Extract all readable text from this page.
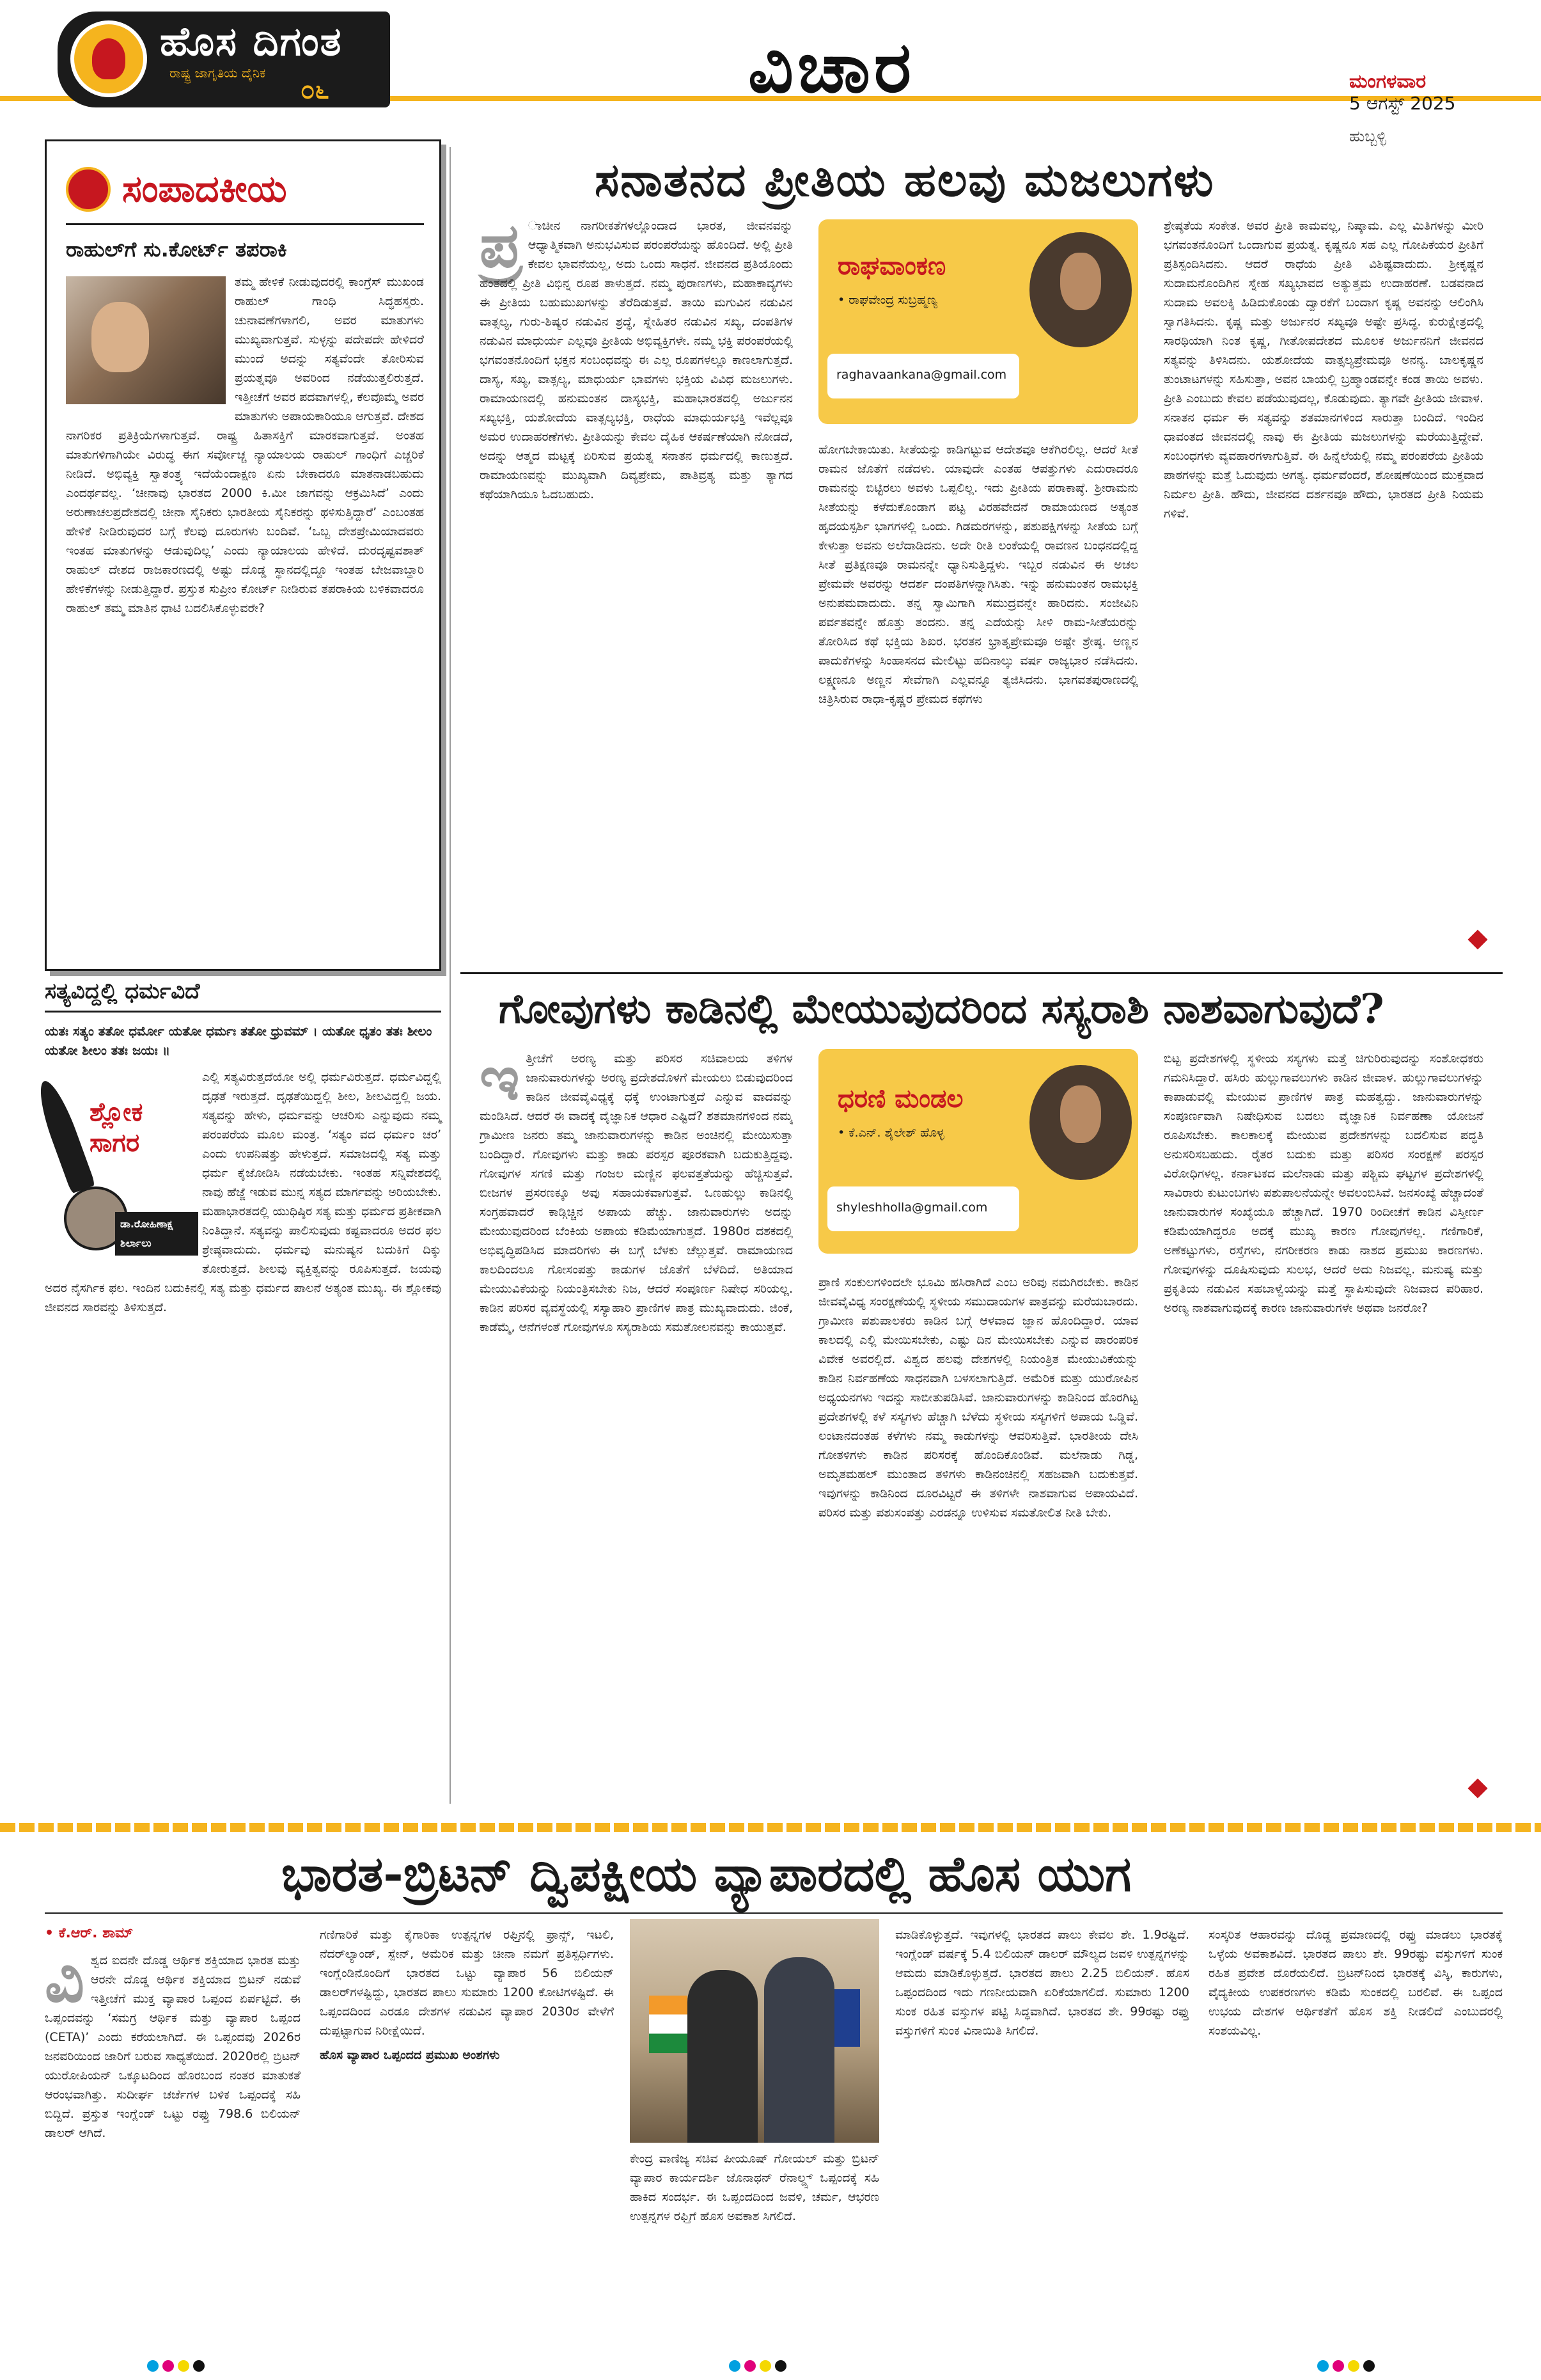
ಹೊಸ ದಿಗಂತ
ರಾಷ್ಟ್ರ ಜಾಗೃತಿಯ ದೈನಿಕ
೦೬	ವಿಚಾರ	ಮಂಗಳವಾರ
5 ಆಗಸ್ಟ್ 2025
ಹುಬ್ಬಳ್ಳಿ
ಸಂಪಾದಕೀಯ
ರಾಹುಲ್‌ಗೆ ಸು.ಕೋರ್ಟ್ ತಪರಾಕಿ
ತಮ್ಮ ಹೇಳಿಕೆ ನೀಡುವುದರಲ್ಲಿ ಕಾಂಗ್ರೆಸ್ ಮುಖಂಡ ರಾಹುಲ್ ಗಾಂಧಿ ಸಿದ್ಧಹಸ್ತರು. ಚುನಾವಣೆಗಳಾಗಲಿ, ಅವರ ಮಾತುಗಳು ಮುಖ್ಯವಾಗುತ್ತವೆ. ಸುಳ್ಳನ್ನು ಪದೇಪದೇ ಹೇಳಿದರೆ ಮುಂದೆ ಅದನ್ನು ಸತ್ಯವೆಂದೇ ತೋರಿಸುವ ಪ್ರಯತ್ನವೂ ಅವರಿಂದ ನಡೆಯುತ್ತಲಿರುತ್ತದೆ. ಇತ್ತೀಚೆಗೆ ಅವರ ಪದವಾಗಳಲ್ಲಿ, ಕೆಲವೊಮ್ಮೆ ಅವರ ಮಾತುಗಳು ಅಪಾಯಕಾರಿಯೂ ಆಗುತ್ತವೆ. ದೇಶದ ನಾಗರಿಕರ ಪ್ರತಿಕ್ರಿಯೆಗಳಾಗುತ್ತವೆ. ರಾಷ್ಟ್ರ ಹಿತಾಸಕ್ತಿಗೆ ಮಾರಕವಾಗುತ್ತವೆ. ಅಂತಹ ಮಾತುಗಳಿಗಾಗಿಯೇ ವಿರುದ್ಧ ಈಗ ಸರ್ವೋಚ್ಚ ನ್ಯಾಯಾಲಯ ರಾಹುಲ್ ಗಾಂಧಿಗೆ ಎಚ್ಚರಿಕೆ ನೀಡಿದೆ. ಅಭಿವ್ಯಕ್ತಿ ಸ್ವಾತಂತ್ರ್ಯ ಇದೆಯೆಂದಾಕ್ಷಣ ಏನು ಬೇಕಾದರೂ ಮಾತನಾಡಬಹುದು ಎಂದರ್ಥವಲ್ಲ. ‘ಚೀನಾವು ಭಾರತದ 2000 ಕಿ.ಮೀ ಜಾಗವನ್ನು ಆಕ್ರಮಿಸಿದೆ’ ಎಂದು ಅರುಣಾಚಲಪ್ರದೇಶದಲ್ಲಿ ಚೀನಾ ಸೈನಿಕರು ಭಾರತೀಯ ಸೈನಿಕರನ್ನು ಥಳಿಸುತ್ತಿದ್ದಾರೆ’ ಎಂಬಂತಹ ಹೇಳಿಕೆ ನೀಡಿರುವುದರ ಬಗ್ಗೆ ಕೆಲವು ದೂರುಗಳು ಬಂದಿವೆ. ‘ಒಬ್ಬ ದೇಶಪ್ರೇಮಿಯಾದವರು ಇಂತಹ ಮಾತುಗಳನ್ನು ಆಡುವುದಿಲ್ಲ’ ಎಂದು ನ್ಯಾಯಾಲಯ ಹೇಳಿದೆ. ದುರದೃಷ್ಟವಶಾತ್ ರಾಹುಲ್ ದೇಶದ ರಾಜಕಾರಣದಲ್ಲಿ ಅಷ್ಟು ದೊಡ್ಡ ಸ್ಥಾನದಲ್ಲಿದ್ದೂ ಇಂತಹ ಬೇಜವಾಬ್ದಾರಿ ಹೇಳಿಕೆಗಳನ್ನು ನೀಡುತ್ತಿದ್ದಾರೆ. ಪ್ರಸ್ತುತ ಸುಪ್ರೀಂ ಕೋರ್ಟ್ ನೀಡಿರುವ ತಪರಾಕಿಯ ಬಳಿಕವಾದರೂ ರಾಹುಲ್ ತಮ್ಮ ಮಾತಿನ ಧಾಟಿ ಬದಲಿಸಿಕೊಳ್ಳುವರೇ?
ಸತ್ಯವಿದ್ದಲ್ಲಿ ಧರ್ಮವಿದೆ
ಯತಃ ಸತ್ಯಂ ತತೋ ಧರ್ಮೋ ಯತೋ ಧರ್ಮಃ ತತೋ ಧ್ರುವಮ್ । ಯತೋ ಧೃತಂ ತತಃ ಶೀಲಂ ಯತೋ ಶೀಲಂ ತತಃ ಜಯಃ ॥
ಶ್ಲೋಕ ಸಾಗರ
ಡಾ.ರೋಹಿಣಾಕ್ಷ ಶಿರ್ಲಾಲು
ಎಲ್ಲಿ ಸತ್ಯವಿರುತ್ತದೆಯೋ ಅಲ್ಲಿ ಧರ್ಮವಿರುತ್ತದೆ. ಧರ್ಮವಿದ್ದಲ್ಲಿ ದೃಢತೆ ಇರುತ್ತದೆ. ದೃಢತೆಯಿದ್ದಲ್ಲಿ ಶೀಲ, ಶೀಲವಿದ್ದಲ್ಲಿ ಜಯ. ಸತ್ಯವನ್ನು ಹೇಳು, ಧರ್ಮವನ್ನು ಆಚರಿಸು ಎನ್ನುವುದು ನಮ್ಮ ಪರಂಪರೆಯ ಮೂಲ ಮಂತ್ರ. ‘ಸತ್ಯಂ ವದ ಧರ್ಮಂ ಚರ’ ಎಂದು ಉಪನಿಷತ್ತು ಹೇಳುತ್ತದೆ. ಸಮಾಜದಲ್ಲಿ ಸತ್ಯ ಮತ್ತು ಧರ್ಮ ಕೈಜೋಡಿಸಿ ನಡೆಯಬೇಕು. ಇಂತಹ ಸನ್ನಿವೇಶದಲ್ಲಿ ನಾವು ಹೆಜ್ಜೆ ಇಡುವ ಮುನ್ನ ಸತ್ಯದ ಮಾರ್ಗವನ್ನು ಅರಿಯಬೇಕು. ಮಹಾಭಾರತದಲ್ಲಿ ಯುಧಿಷ್ಠಿರ ಸತ್ಯ ಮತ್ತು ಧರ್ಮದ ಪ್ರತೀಕವಾಗಿ ನಿಂತಿದ್ದಾನೆ. ಸತ್ಯವನ್ನು ಪಾಲಿಸುವುದು ಕಷ್ಟವಾದರೂ ಅದರ ಫಲ ಶ್ರೇಷ್ಠವಾದುದು. ಧರ್ಮವು ಮನುಷ್ಯನ ಬದುಕಿಗೆ ದಿಕ್ಕು ತೋರುತ್ತದೆ. ಶೀಲವು ವ್ಯಕ್ತಿತ್ವವನ್ನು ರೂಪಿಸುತ್ತದೆ. ಜಯವು ಅದರ ನೈಸರ್ಗಿಕ ಫಲ. ಇಂದಿನ ಬದುಕಿನಲ್ಲಿ ಸತ್ಯ ಮತ್ತು ಧರ್ಮದ ಪಾಲನೆ ಅತ್ಯಂತ ಮುಖ್ಯ. ಈ ಶ್ಲೋಕವು ಜೀವನದ ಸಾರವನ್ನು ತಿಳಿಸುತ್ತದೆ.
ಸನಾತನದ ಪ್ರೀತಿಯ ಹಲವು ಮಜಲುಗಳು
ಪ್ರ ಾಚೀನ ನಾಗರೀಕತೆಗಳಲ್ಲೊಂದಾದ ಭಾರತ, ಜೀವನವನ್ನು ಆಧ್ಯಾತ್ಮಿಕವಾಗಿ ಅನುಭವಿಸುವ ಪರಂಪರೆಯನ್ನು ಹೊಂದಿದೆ. ಅಲ್ಲಿ ಪ್ರೀತಿ ಕೇವಲ ಭಾವನೆಯಲ್ಲ, ಅದು ಒಂದು ಸಾಧನೆ. ಜೀವನದ ಪ್ರತಿಯೊಂದು ಹಂತದಲ್ಲಿ ಪ್ರೀತಿ ವಿಭಿನ್ನ ರೂಪ ತಾಳುತ್ತದೆ. ನಮ್ಮ ಪುರಾಣಗಳು, ಮಹಾಕಾವ್ಯಗಳು ಈ ಪ್ರೀತಿಯ ಬಹುಮುಖಗಳನ್ನು ತೆರೆದಿಡುತ್ತವೆ. ತಾಯಿ ಮಗುವಿನ ನಡುವಿನ ವಾತ್ಸಲ್ಯ, ಗುರು-ಶಿಷ್ಯರ ನಡುವಿನ ಶ್ರದ್ಧೆ, ಸ್ನೇಹಿತರ ನಡುವಿನ ಸಖ್ಯ, ದಂಪತಿಗಳ ನಡುವಿನ ಮಾಧುರ್ಯ ಎಲ್ಲವೂ ಪ್ರೀತಿಯ ಅಭಿವ್ಯಕ್ತಿಗಳೇ. ನಮ್ಮ ಭಕ್ತಿ ಪರಂಪರೆಯಲ್ಲಿ ಭಗವಂತನೊಂದಿಗೆ ಭಕ್ತನ ಸಂಬಂಧವನ್ನು ಈ ಎಲ್ಲ ರೂಪಗಳಲ್ಲೂ ಕಾಣಲಾಗುತ್ತದೆ. ದಾಸ್ಯ, ಸಖ್ಯ, ವಾತ್ಸಲ್ಯ, ಮಾಧುರ್ಯ ಭಾವಗಳು ಭಕ್ತಿಯ ವಿವಿಧ ಮಜಲುಗಳು. ರಾಮಾಯಣದಲ್ಲಿ ಹನುಮಂತನ ದಾಸ್ಯಭಕ್ತಿ, ಮಹಾಭಾರತದಲ್ಲಿ ಅರ್ಜುನನ ಸಖ್ಯಭಕ್ತಿ, ಯಶೋದೆಯ ವಾತ್ಸಲ್ಯಭಕ್ತಿ, ರಾಧೆಯ ಮಾಧುರ್ಯಭಕ್ತಿ ಇವೆಲ್ಲವೂ ಅಮರ ಉದಾಹರಣೆಗಳು. ಪ್ರೀತಿಯನ್ನು ಕೇವಲ ದೈಹಿಕ ಆಕರ್ಷಣೆಯಾಗಿ ನೋಡದೆ, ಅದನ್ನು ಆತ್ಮದ ಮಟ್ಟಕ್ಕೆ ಏರಿಸುವ ಪ್ರಯತ್ನ ಸನಾತನ ಧರ್ಮದಲ್ಲಿ ಕಾಣುತ್ತದೆ. ರಾಮಾಯಣವನ್ನು ಮುಖ್ಯವಾಗಿ ದಿವ್ಯಪ್ರೇಮ, ಪಾತಿವ್ರತ್ಯ ಮತ್ತು ತ್ಯಾಗದ ಕಥೆಯಾಗಿಯೂ ಓದಬಹುದು.
ರಾಘವಾಂಕಣ
• ರಾಘವೇಂದ್ರ ಸುಬ್ರಹ್ಮಣ್ಯ
raghavaankana@gmail.com
ಶ್ರೇಷ್ಠತೆಯ ಸಂಕೇತ. ಅವರ ಪ್ರೀತಿ ಕಾಮವಲ್ಲ, ನಿಷ್ಕಾಮ. ಎಲ್ಲ ಮಿತಿಗಳನ್ನು ಮೀರಿ ಭಗವಂತನೊಂದಿಗೆ ಒಂದಾಗುವ ಪ್ರಯತ್ನ. ಕೃಷ್ಣನೂ ಸಹ ಎಲ್ಲ ಗೋಪಿಕೆಯರ ಪ್ರೀತಿಗೆ ಪ್ರತಿಸ್ಪಂದಿಸಿದನು. ಆದರೆ ರಾಧೆಯ ಪ್ರೀತಿ ವಿಶಿಷ್ಟವಾದುದು. ಶ್ರೀಕೃಷ್ಣನ ಸುದಾಮನೊಂದಿಗಿನ ಸ್ನೇಹ ಸಖ್ಯಭಾವದ ಅತ್ಯುತ್ತಮ ಉದಾಹರಣೆ. ಬಡವನಾದ ಸುದಾಮ ಅವಲಕ್ಕಿ ಹಿಡಿದುಕೊಂಡು ದ್ವಾರಕೆಗೆ ಬಂದಾಗ ಕೃಷ್ಣ ಅವನನ್ನು ಆಲಿಂಗಿಸಿ ಸ್ವಾಗತಿಸಿದನು. ಕೃಷ್ಣ ಮತ್ತು ಅರ್ಜುನರ ಸಖ್ಯವೂ ಅಷ್ಟೇ ಪ್ರಸಿದ್ಧ. ಕುರುಕ್ಷೇತ್ರದಲ್ಲಿ ಸಾರಥಿಯಾಗಿ ನಿಂತ ಕೃಷ್ಣ, ಗೀತೋಪದೇಶದ ಮೂಲಕ ಅರ್ಜುನನಿಗೆ ಜೀವನದ ಸತ್ಯವನ್ನು ತಿಳಿಸಿದನು. ಯಶೋದೆಯ ವಾತ್ಸಲ್ಯಪ್ರೇಮವೂ ಅನನ್ಯ. ಬಾಲಕೃಷ್ಣನ ತುಂಟಾಟಗಳನ್ನು ಸಹಿಸುತ್ತಾ, ಅವನ ಬಾಯಲ್ಲಿ ಬ್ರಹ್ಮಾಂಡವನ್ನೇ ಕಂಡ ತಾಯಿ ಅವಳು. ಪ್ರೀತಿ ಎಂಬುದು ಕೇವಲ ಪಡೆಯುವುದಲ್ಲ, ಕೊಡುವುದು. ತ್ಯಾಗವೇ ಪ್ರೀತಿಯ ಜೀವಾಳ. ಸನಾತನ ಧರ್ಮ ಈ ಸತ್ಯವನ್ನು ಶತಮಾನಗಳಿಂದ ಸಾರುತ್ತಾ ಬಂದಿದೆ. ಇಂದಿನ ಧಾವಂತದ ಜೀವನದಲ್ಲಿ ನಾವು ಈ ಪ್ರೀತಿಯ ಮಜಲುಗಳನ್ನು ಮರೆಯುತ್ತಿದ್ದೇವೆ. ಸಂಬಂಧಗಳು ವ್ಯವಹಾರಗಳಾಗುತ್ತಿವೆ. ಈ ಹಿನ್ನೆಲೆಯಲ್ಲಿ ನಮ್ಮ ಪರಂಪರೆಯ ಪ್ರೀತಿಯ ಪಾಠಗಳನ್ನು ಮತ್ತೆ ಓದುವುದು ಅಗತ್ಯ. ಧರ್ಮವೆಂದರೆ, ಶೋಷಣೆಯಿಂದ ಮುಕ್ತವಾದ ನಿರ್ಮಲ ಪ್ರೀತಿ. ಹೌದು, ಜೀವನದ ದರ್ಶನವೂ ಹೌದು, ಭಾರತದ ಪ್ರೀತಿ ನಿಯಮ ಗಳಿವೆ.
ಹೋಗಬೇಕಾಯಿತು. ಸೀತೆಯನ್ನು ಕಾಡಿಗಟ್ಟುವ ಆದೇಶವೂ ಆಕೆಗಿರಲಿಲ್ಲ. ಆದರೆ ಸೀತೆ ರಾಮನ ಜೊತೆಗೆ ನಡೆದಳು. ಯಾವುದೇ ಎಂತಹ ಆಪತ್ತುಗಳು ಎದುರಾದರೂ ರಾಮನನ್ನು ಬಿಟ್ಟಿರಲು ಅವಳು ಒಪ್ಪಲಿಲ್ಲ. ಇದು ಪ್ರೀತಿಯ ಪರಾಕಾಷ್ಠೆ. ಶ್ರೀರಾಮನು ಸೀತೆಯನ್ನು ಕಳೆದುಕೊಂಡಾಗ ಪಟ್ಟ ವಿರಹವೇದನೆ ರಾಮಾಯಣದ ಅತ್ಯಂತ ಹೃದಯಸ್ಪರ್ಶಿ ಭಾಗಗಳಲ್ಲಿ ಒಂದು. ಗಿಡಮರಗಳನ್ನು, ಪಶುಪಕ್ಷಿಗಳನ್ನು ಸೀತೆಯ ಬಗ್ಗೆ ಕೇಳುತ್ತಾ ಅವನು ಅಲೆದಾಡಿದನು. ಅದೇ ರೀತಿ ಲಂಕೆಯಲ್ಲಿ ರಾವಣನ ಬಂಧನದಲ್ಲಿದ್ದ ಸೀತೆ ಪ್ರತಿಕ್ಷಣವೂ ರಾಮನನ್ನೇ ಧ್ಯಾನಿಸುತ್ತಿದ್ದಳು. ಇಬ್ಬರ ನಡುವಿನ ಈ ಅಚಲ ಪ್ರೇಮವೇ ಅವರನ್ನು ಆದರ್ಶ ದಂಪತಿಗಳನ್ನಾಗಿಸಿತು. ಇನ್ನು ಹನುಮಂತನ ರಾಮಭಕ್ತಿ ಅನುಪಮವಾದುದು. ತನ್ನ ಸ್ವಾಮಿಗಾಗಿ ಸಮುದ್ರವನ್ನೇ ಹಾರಿದನು. ಸಂಜೀವಿನಿ ಪರ್ವತವನ್ನೇ ಹೊತ್ತು ತಂದನು. ತನ್ನ ಎದೆಯನ್ನು ಸೀಳಿ ರಾಮ-ಸೀತೆಯರನ್ನು ತೋರಿಸಿದ ಕಥೆ ಭಕ್ತಿಯ ಶಿಖರ. ಭರತನ ಭ್ರಾತೃಪ್ರೇಮವೂ ಅಷ್ಟೇ ಶ್ರೇಷ್ಠ. ಅಣ್ಣನ ಪಾದುಕೆಗಳನ್ನು ಸಿಂಹಾಸನದ ಮೇಲಿಟ್ಟು ಹದಿನಾಲ್ಕು ವರ್ಷ ರಾಜ್ಯಭಾರ ನಡೆಸಿದನು. ಲಕ್ಷ್ಮಣನೂ ಅಣ್ಣನ ಸೇವೆಗಾಗಿ ಎಲ್ಲವನ್ನೂ ತ್ಯಜಿಸಿದನು. ಭಾಗವತಪುರಾಣದಲ್ಲಿ ಚಿತ್ರಿಸಿರುವ ರಾಧಾ-ಕೃಷ್ಣರ ಪ್ರೇಮದ ಕಥೆಗಳು
ಗೋವುಗಳು ಕಾಡಿನಲ್ಲಿ ಮೇಯುವುದರಿಂದ ಸಸ್ಯರಾಶಿ ನಾಶವಾಗುವುದೆ?
ಇ ತ್ತೀಚೆಗೆ ಅರಣ್ಯ ಮತ್ತು ಪರಿಸರ ಸಚಿವಾಲಯ ತಳಿಗಳ ಜಾನುವಾರುಗಳನ್ನು ಅರಣ್ಯ ಪ್ರದೇಶದೊಳಗೆ ಮೇಯಲು ಬಿಡುವುದರಿಂದ ಕಾಡಿನ ಜೀವವೈವಿಧ್ಯಕ್ಕೆ ಧಕ್ಕೆ ಉಂಟಾಗುತ್ತದೆ ಎನ್ನುವ ವಾದವನ್ನು ಮಂಡಿಸಿದೆ. ಆದರೆ ಈ ವಾದಕ್ಕೆ ವೈಜ್ಞಾನಿಕ ಆಧಾರ ಎಷ್ಟಿದೆ? ಶತಮಾನಗಳಿಂದ ನಮ್ಮ ಗ್ರಾಮೀಣ ಜನರು ತಮ್ಮ ಜಾನುವಾರುಗಳನ್ನು ಕಾಡಿನ ಅಂಚಿನಲ್ಲಿ ಮೇಯಿಸುತ್ತಾ ಬಂದಿದ್ದಾರೆ. ಗೋವುಗಳು ಮತ್ತು ಕಾಡು ಪರಸ್ಪರ ಪೂರಕವಾಗಿ ಬದುಕುತ್ತಿದ್ದವು. ಗೋವುಗಳ ಸಗಣಿ ಮತ್ತು ಗಂಜಲ ಮಣ್ಣಿನ ಫಲವತ್ತತೆಯನ್ನು ಹೆಚ್ಚಿಸುತ್ತವೆ. ಬೀಜಗಳ ಪ್ರಸರಣಕ್ಕೂ ಅವು ಸಹಾಯಕವಾಗುತ್ತವೆ. ಒಣಹುಲ್ಲು ಕಾಡಿನಲ್ಲಿ ಸಂಗ್ರಹವಾದರೆ ಕಾಡ್ಗಿಚ್ಚಿನ ಅಪಾಯ ಹೆಚ್ಚು. ಜಾನುವಾರುಗಳು ಅದನ್ನು ಮೇಯುವುದರಿಂದ ಬೆಂಕಿಯ ಅಪಾಯ ಕಡಿಮೆಯಾಗುತ್ತದೆ. 1980ರ ದಶಕದಲ್ಲಿ ಅಭಿವೃದ್ಧಿಪಡಿಸಿದ ಮಾದರಿಗಳು ಈ ಬಗ್ಗೆ ಬೆಳಕು ಚೆಲ್ಲುತ್ತವೆ. ರಾಮಾಯಣದ ಕಾಲದಿಂದಲೂ ಗೋಸಂಪತ್ತು ಕಾಡುಗಳ ಜೊತೆಗೆ ಬೆಳೆದಿದೆ. ಅತಿಯಾದ ಮೇಯುವಿಕೆಯನ್ನು ನಿಯಂತ್ರಿಸಬೇಕು ನಿಜ, ಆದರೆ ಸಂಪೂರ್ಣ ನಿಷೇಧ ಸರಿಯಲ್ಲ. ಕಾಡಿನ ಪರಿಸರ ವ್ಯವಸ್ಥೆಯಲ್ಲಿ ಸಸ್ಯಾಹಾರಿ ಪ್ರಾಣಿಗಳ ಪಾತ್ರ ಮುಖ್ಯವಾದುದು. ಜಿಂಕೆ, ಕಾಡೆಮ್ಮೆ, ಆನೆಗಳಂತೆ ಗೋವುಗಳೂ ಸಸ್ಯರಾಶಿಯ ಸಮತೋಲನವನ್ನು ಕಾಯುತ್ತವೆ.
ಧರಣಿ ಮಂಡಲ
• ಕೆ.ಎನ್. ಶೈಲೇಶ್ ಹೊಳ್ಳ
shyleshholla@gmail.com
ಪ್ರಾಣಿ ಸಂಕುಲಗಳಿಂದಲೇ ಭೂಮಿ ಹಸಿರಾಗಿದೆ ಎಂಬ ಅರಿವು ನಮಗಿರಬೇಕು. ಕಾಡಿನ ಜೀವವೈವಿಧ್ಯ ಸಂರಕ್ಷಣೆಯಲ್ಲಿ ಸ್ಥಳೀಯ ಸಮುದಾಯಗಳ ಪಾತ್ರವನ್ನು ಮರೆಯಬಾರದು. ಗ್ರಾಮೀಣ ಪಶುಪಾಲಕರು ಕಾಡಿನ ಬಗ್ಗೆ ಆಳವಾದ ಜ್ಞಾನ ಹೊಂದಿದ್ದಾರೆ. ಯಾವ ಕಾಲದಲ್ಲಿ ಎಲ್ಲಿ ಮೇಯಿಸಬೇಕು, ಎಷ್ಟು ದಿನ ಮೇಯಿಸಬೇಕು ಎನ್ನುವ ಪಾರಂಪರಿಕ ವಿವೇಕ ಅವರಲ್ಲಿದೆ. ವಿಶ್ವದ ಹಲವು ದೇಶಗಳಲ್ಲಿ ನಿಯಂತ್ರಿತ ಮೇಯುವಿಕೆಯನ್ನು ಕಾಡಿನ ನಿರ್ವಹಣೆಯ ಸಾಧನವಾಗಿ ಬಳಸಲಾಗುತ್ತಿದೆ. ಅಮೆರಿಕ ಮತ್ತು ಯುರೋಪಿನ ಅಧ್ಯಯನಗಳು ಇದನ್ನು ಸಾಬೀತುಪಡಿಸಿವೆ. ಜಾನುವಾರುಗಳನ್ನು ಕಾಡಿನಿಂದ ಹೊರಗಿಟ್ಟ ಪ್ರದೇಶಗಳಲ್ಲಿ ಕಳೆ ಸಸ್ಯಗಳು ಹೆಚ್ಚಾಗಿ ಬೆಳೆದು ಸ್ಥಳೀಯ ಸಸ್ಯಗಳಿಗೆ ಅಪಾಯ ಒಡ್ಡಿವೆ. ಲಂಟಾನದಂತಹ ಕಳೆಗಳು ನಮ್ಮ ಕಾಡುಗಳನ್ನು ಆವರಿಸುತ್ತಿವೆ. ಭಾರತೀಯ ದೇಸಿ ಗೋತಳಿಗಳು ಕಾಡಿನ ಪರಿಸರಕ್ಕೆ ಹೊಂದಿಕೊಂಡಿವೆ. ಮಲೆನಾಡು ಗಿಡ್ಡ, ಅಮೃತಮಹಲ್ ಮುಂತಾದ ತಳಿಗಳು ಕಾಡಿನಂಚಿನಲ್ಲಿ ಸಹಜವಾಗಿ ಬದುಕುತ್ತವೆ. ಇವುಗಳನ್ನು ಕಾಡಿನಿಂದ ದೂರವಿಟ್ಟರೆ ಈ ತಳಿಗಳೇ ನಾಶವಾಗುವ ಅಪಾಯವಿದೆ. ಪರಿಸರ ಮತ್ತು ಪಶುಸಂಪತ್ತು ಎರಡನ್ನೂ ಉಳಿಸುವ ಸಮತೋಲಿತ ನೀತಿ ಬೇಕು.
ಬಿಟ್ಟ ಪ್ರದೇಶಗಳಲ್ಲಿ ಸ್ಥಳೀಯ ಸಸ್ಯಗಳು ಮತ್ತೆ ಚಿಗುರಿರುವುದನ್ನು ಸಂಶೋಧಕರು ಗಮನಿಸಿದ್ದಾರೆ. ಹಸಿರು ಹುಲ್ಲುಗಾವಲುಗಳು ಕಾಡಿನ ಜೀವಾಳ. ಹುಲ್ಲುಗಾವಲುಗಳನ್ನು ಕಾಪಾಡುವಲ್ಲಿ ಮೇಯುವ ಪ್ರಾಣಿಗಳ ಪಾತ್ರ ಮಹತ್ವದ್ದು. ಜಾನುವಾರುಗಳನ್ನು ಸಂಪೂರ್ಣವಾಗಿ ನಿಷೇಧಿಸುವ ಬದಲು ವೈಜ್ಞಾನಿಕ ನಿರ್ವಹಣಾ ಯೋಜನೆ ರೂಪಿಸಬೇಕು. ಕಾಲಕಾಲಕ್ಕೆ ಮೇಯುವ ಪ್ರದೇಶಗಳನ್ನು ಬದಲಿಸುವ ಪದ್ಧತಿ ಅನುಸರಿಸಬಹುದು. ರೈತರ ಬದುಕು ಮತ್ತು ಪರಿಸರ ಸಂರಕ್ಷಣೆ ಪರಸ್ಪರ ವಿರೋಧಿಗಳಲ್ಲ. ಕರ್ನಾಟಕದ ಮಲೆನಾಡು ಮತ್ತು ಪಶ್ಚಿಮ ಘಟ್ಟಗಳ ಪ್ರದೇಶಗಳಲ್ಲಿ ಸಾವಿರಾರು ಕುಟುಂಬಗಳು ಪಶುಪಾಲನೆಯನ್ನೇ ಅವಲಂಬಿಸಿವೆ. ಜನಸಂಖ್ಯೆ ಹೆಚ್ಚಾದಂತೆ ಜಾನುವಾರುಗಳ ಸಂಖ್ಯೆಯೂ ಹೆಚ್ಚಾಗಿದೆ. 1970 ರಿಂದೀಚೆಗೆ ಕಾಡಿನ ವಿಸ್ತೀರ್ಣ ಕಡಿಮೆಯಾಗಿದ್ದರೂ ಅದಕ್ಕೆ ಮುಖ್ಯ ಕಾರಣ ಗೋವುಗಳಲ್ಲ. ಗಣಿಗಾರಿಕೆ, ಅಣೆಕಟ್ಟುಗಳು, ರಸ್ತೆಗಳು, ನಗರೀಕರಣ ಕಾಡು ನಾಶದ ಪ್ರಮುಖ ಕಾರಣಗಳು. ಗೋವುಗಳನ್ನು ದೂಷಿಸುವುದು ಸುಲಭ, ಆದರೆ ಅದು ನಿಜವಲ್ಲ. ಮನುಷ್ಯ ಮತ್ತು ಪ್ರಕೃತಿಯ ನಡುವಿನ ಸಹಬಾಳ್ವೆಯನ್ನು ಮತ್ತೆ ಸ್ಥಾಪಿಸುವುದೇ ನಿಜವಾದ ಪರಿಹಾರ. ಅರಣ್ಯ ನಾಶವಾಗುವುದಕ್ಕೆ ಕಾರಣ ಜಾನುವಾರುಗಳೇ ಅಥವಾ ಜನರೋ?
ಭಾರತ-ಬ್ರಿಟನ್ ದ್ವಿಪಕ್ಷೀಯ ವ್ಯಾಪಾರದಲ್ಲಿ ಹೊಸ ಯುಗ
• ಕೆ.ಆರ್. ಶಾಮ್
ವಿ ಶ್ವದ ಐದನೇ ದೊಡ್ಡ ಆರ್ಥಿಕ ಶಕ್ತಿಯಾದ ಭಾರತ ಮತ್ತು ಆರನೇ ದೊಡ್ಡ ಆರ್ಥಿಕ ಶಕ್ತಿಯಾದ ಬ್ರಿಟನ್ ನಡುವೆ ಇತ್ತೀಚೆಗೆ ಮುಕ್ತ ವ್ಯಾಪಾರ ಒಪ್ಪಂದ ಏರ್ಪಟ್ಟಿದೆ. ಈ ಒಪ್ಪಂದವನ್ನು ‘ಸಮಗ್ರ ಆರ್ಥಿಕ ಮತ್ತು ವ್ಯಾಪಾರ ಒಪ್ಪಂದ (CETA)’ ಎಂದು ಕರೆಯಲಾಗಿದೆ. ಈ ಒಪ್ಪಂದವು 2026ರ ಜನವರಿಯಿಂದ ಜಾರಿಗೆ ಬರುವ ಸಾಧ್ಯತೆಯಿದೆ. 2020ರಲ್ಲಿ ಬ್ರಿಟನ್ ಯುರೋಪಿಯನ್ ಒಕ್ಕೂಟದಿಂದ ಹೊರಬಂದ ನಂತರ ಮಾತುಕತೆ ಆರಂಭವಾಗಿತ್ತು. ಸುದೀರ್ಘ ಚರ್ಚೆಗಳ ಬಳಿಕ ಒಪ್ಪಂದಕ್ಕೆ ಸಹಿ ಬಿದ್ದಿದೆ. ಪ್ರಸ್ತುತ ಇಂಗ್ಲೆಂಡ್ ಒಟ್ಟು ರಫ್ತು 798.6 ಬಿಲಿಯನ್ ಡಾಲರ್ ಆಗಿದೆ.
ಗಣಿಗಾರಿಕೆ ಮತ್ತು ಕೈಗಾರಿಕಾ ಉತ್ಪನ್ನಗಳ ರಫ್ತಿನಲ್ಲಿ ಫ್ರಾನ್ಸ್, ಇಟಲಿ, ನೆದರ್‌ಲ್ಯಾಂಡ್, ಸ್ಪೇನ್, ಅಮೆರಿಕ ಮತ್ತು ಚೀನಾ ನಮಗೆ ಪ್ರತಿಸ್ಪರ್ಧಿಗಳು. ಇಂಗ್ಲೆಂಡಿನೊಂದಿಗೆ ಭಾರತದ ಒಟ್ಟು ವ್ಯಾಪಾರ 56 ಬಿಲಿಯನ್ ಡಾಲರ್‌ಗಳಷ್ಟಿದ್ದು, ಭಾರತದ ಪಾಲು ಸುಮಾರು 1200 ಕೋಟಿಗಳಷ್ಟಿದೆ. ಈ ಒಪ್ಪಂದದಿಂದ ಎರಡೂ ದೇಶಗಳ ನಡುವಿನ ವ್ಯಾಪಾರ 2030ರ ವೇಳೆಗೆ ದುಪ್ಪಟ್ಟಾಗುವ ನಿರೀಕ್ಷೆಯಿದೆ.
ಹೊಸ ವ್ಯಾಪಾರ ಒಪ್ಪಂದದ ಪ್ರಮುಖ ಅಂಶಗಳು
ಕೇಂದ್ರ ವಾಣಿಜ್ಯ ಸಚಿವ ಪೀಯೂಷ್ ಗೋಯಲ್ ಮತ್ತು ಬ್ರಿಟನ್ ವ್ಯಾಪಾರ ಕಾರ್ಯದರ್ಶಿ ಜೊನಾಥನ್ ರೆನಾಲ್ಡ್ಸ್ ಒಪ್ಪಂದಕ್ಕೆ ಸಹಿ ಹಾಕಿದ ಸಂದರ್ಭ. ಈ ಒಪ್ಪಂದದಿಂದ ಜವಳಿ, ಚರ್ಮ, ಆಭರಣ ಉತ್ಪನ್ನಗಳ ರಫ್ತಿಗೆ ಹೊಸ ಅವಕಾಶ ಸಿಗಲಿದೆ.
ಮಾಡಿಕೊಳ್ಳುತ್ತದೆ. ಇವುಗಳಲ್ಲಿ ಭಾರತದ ಪಾಲು ಕೇವಲ ಶೇ. 1.9ರಷ್ಟಿದೆ. ಇಂಗ್ಲೆಂಡ್ ವರ್ಷಕ್ಕೆ 5.4 ಬಿಲಿಯನ್ ಡಾಲರ್ ಮೌಲ್ಯದ ಜವಳಿ ಉತ್ಪನ್ನಗಳನ್ನು ಆಮದು ಮಾಡಿಕೊಳ್ಳುತ್ತದೆ. ಭಾರತದ ಪಾಲು 2.25 ಬಿಲಿಯನ್. ಹೊಸ ಒಪ್ಪಂದದಿಂದ ಇದು ಗಣನೀಯವಾಗಿ ಏರಿಕೆಯಾಗಲಿದೆ. ಸುಮಾರು 1200 ಸುಂಕ ರಹಿತ ವಸ್ತುಗಳ ಪಟ್ಟಿ ಸಿದ್ಧವಾಗಿದೆ. ಭಾರತದ ಶೇ. 99ರಷ್ಟು ರಫ್ತು ವಸ್ತುಗಳಿಗೆ ಸುಂಕ ವಿನಾಯಿತಿ ಸಿಗಲಿದೆ.
ಸಂಸ್ಕರಿತ ಆಹಾರವನ್ನು ದೊಡ್ಡ ಪ್ರಮಾಣದಲ್ಲಿ ರಫ್ತು ಮಾಡಲು ಭಾರತಕ್ಕೆ ಒಳ್ಳೆಯ ಅವಕಾಶವಿದೆ. ಭಾರತದ ಪಾಲು ಶೇ. 99ರಷ್ಟು ವಸ್ತುಗಳಿಗೆ ಸುಂಕ ರಹಿತ ಪ್ರವೇಶ ದೊರೆಯಲಿದೆ. ಬ್ರಿಟನ್‌ನಿಂದ ಭಾರತಕ್ಕೆ ವಿಸ್ಕಿ, ಕಾರುಗಳು, ವೈದ್ಯಕೀಯ ಉಪಕರಣಗಳು ಕಡಿಮೆ ಸುಂಕದಲ್ಲಿ ಬರಲಿವೆ. ಈ ಒಪ್ಪಂದ ಉಭಯ ದೇಶಗಳ ಆರ್ಥಿಕತೆಗೆ ಹೊಸ ಶಕ್ತಿ ನೀಡಲಿದೆ ಎಂಬುದರಲ್ಲಿ ಸಂಶಯವಿಲ್ಲ.
